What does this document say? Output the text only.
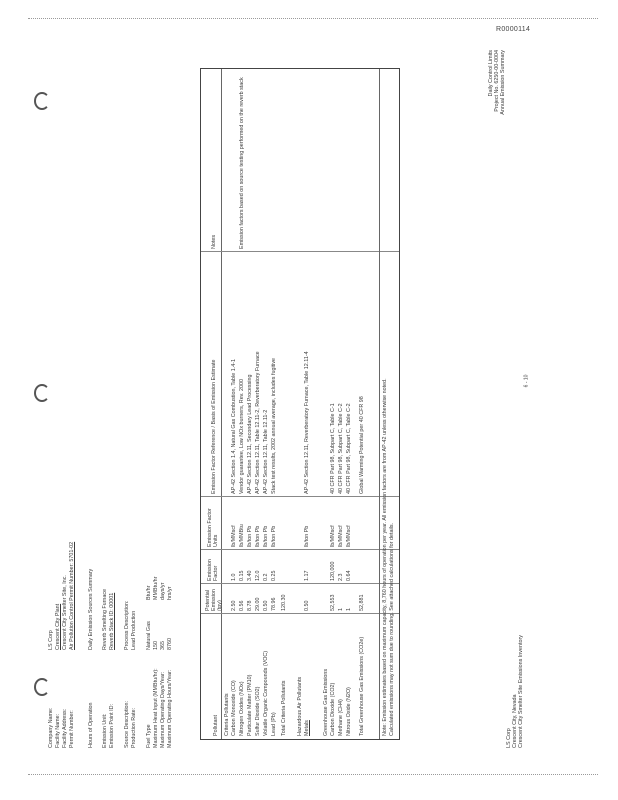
R0000114
6 - 10
Company Name:
LS Corp
Facility Name:
Crescent City Plant
Facility Address:
Crescent City Smelter Site, Inc.
Permit Number:
Air Pollution Control Permit Number: 5701-02
Daily Control Limits Project No. 6250-00-0004 Annual Emission Summary
Hours of Operation
Daily Emission Sources Summary
Emission Unit:
Reverb Smelting Furnace
Emission Point ID:
Reverb Stack ID: 00001
Source Description:
Process Description:
Production Rate:
Lead Production
Fuel Type
Natural Gas
Btu/hr
Maximum Heat Input (MMBtu/hr):
150
MMBtu/hr
Maximum Operating Days/Year:
365
days/yr
Maximum Operating Hours/Year:
8760
hrs/yr
Pollutant
Potential Emission (tpy)
Emission Factor
Emission Factor Units
Emission Factor Reference / Basis of Emission Estimate
Notes
Criteria Pollutants Carbon Monoxide (CO)
2.50
1.0
lb/MMscf
AP-42 Section 1.4, Natural Gas Combustion, Table 1.4-1
Nitrogen Oxides (NOx)
0.56
0.15
lb/MMBtu
Vendor guarantee, Low NOx burners, Rev. 2000
Emission factors based on source testing performed on the reverb stack
Particulate Matter (PM10)
8.78
3.40
lb/ton Pb
AP-42 Section 12.11, Secondary Lead Processing
Sulfur Dioxide (SO2)
29.00
12.0
lb/ton Pb
AP-42 Section 12.11, Table 12.11-2, Reverberatory Furnace
Volatile Organic Compounds (VOC)
0.50
0.2
lb/ton Pb
AP-42 Section 12.11, Table 12.11-2
Lead (Pb)
78.96
0.25
lb/ton Pb
Stack test results, 2002 annual average, includes fugitive
Total Criteria Pollutants
120.30
Hazardous Air Pollutants Metals
0.50
1.17
lb/ton Pb
AP-42 Section 12.11, Reverberatory Furnace, Table 12.11-4
Greenhouse Gas Emissions Carbon Dioxide (CO2)
52,553
120,000
lb/MMscf
40 CFR Part 98, Subpart C, Table C-1
Methane (CH4)
1
2.3
lb/MMscf
40 CFR Part 98, Subpart C, Table C-2
Nitrous Oxide (N2O)
1
0.64
lb/MMscf
40 CFR Part 98, Subpart C, Table C-2
Total Greenhouse Gas Emissions (CO2e)
52,881
Global Warming Potential per 40 CFR 98	Note: Emission estimates based on maximum capacity, 8,760 hours of operation per year. All emission factors are from AP-42 unless otherwise noted. Calculated emissions may not sum due to rounding. See attached calculations for details.
LS Corp Crescent City, Nevada Crescent City Smelter Site Emissions Inventory
